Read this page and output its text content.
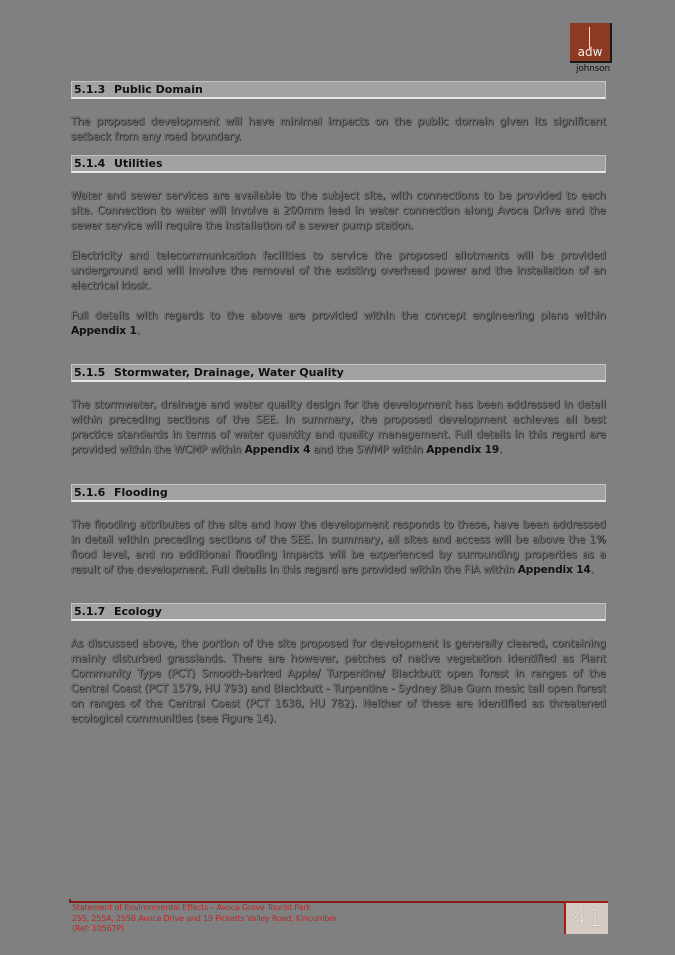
adw
johnson
5.1.3 Public Domain
The proposed development will have minimal impacts on the public domain given its significant setback from any road boundary.
5.1.4 Utilities
Water and sewer services are available to the subject site, with connections to be provided to each site. Connection to water will involve a 200mm lead in water connection along Avoca Drive and the sewer service will require the installation of a sewer pump station.
Electricity and telecommunication facilities to service the proposed allotments will be provided underground and will involve the removal of the existing overhead power and the installation of an electrical kiosk.
Full details with regards to the above are provided within the concept engineering plans within Appendix 1.
5.1.5 Stormwater, Drainage, Water Quality
The stormwater, drainage and water quality design for the development has been addressed in detail within preceding sections of the SEE. In summary, the proposed development achieves all best practice standards in terms of water quantity and quality management. Full details in this regard are provided within the WCMP within Appendix 4 and the SWMP within Appendix 19.
5.1.6 Flooding
The flooding attributes of the site and how the development responds to these, have been addressed in detail within preceding sections of the SEE. In summary, all sites and access will be above the 1% flood level, and no additional flooding impacts will be experienced by surrounding properties as a result of the development. Full details in this regard are provided within the FIA within Appendix 14.
5.1.7 Ecology
As discussed above, the portion of the site proposed for development is generally cleared, containing mainly disturbed grasslands. There are however, patches of native vegetation identified as Plant Community Type (PCT) Smooth-barked Apple/ Turpentine/ Blackbutt open forest in ranges of the Central Coast (PCT 1579, HU 793) and Blackbutt - Turpentine - Sydney Blue Gum mesic tall open forest on ranges of the Central Coast (PCT 1638, HU 782). Neither of these are identified as threatened ecological communities (see Figure 14).
Statement of Environmental Effects – Avoca Grove Tourist Park
255, 255A, 255B Avoca Drive and 19 Picketts Valley Road, Kincumber
(Ref: 10567P)	41
